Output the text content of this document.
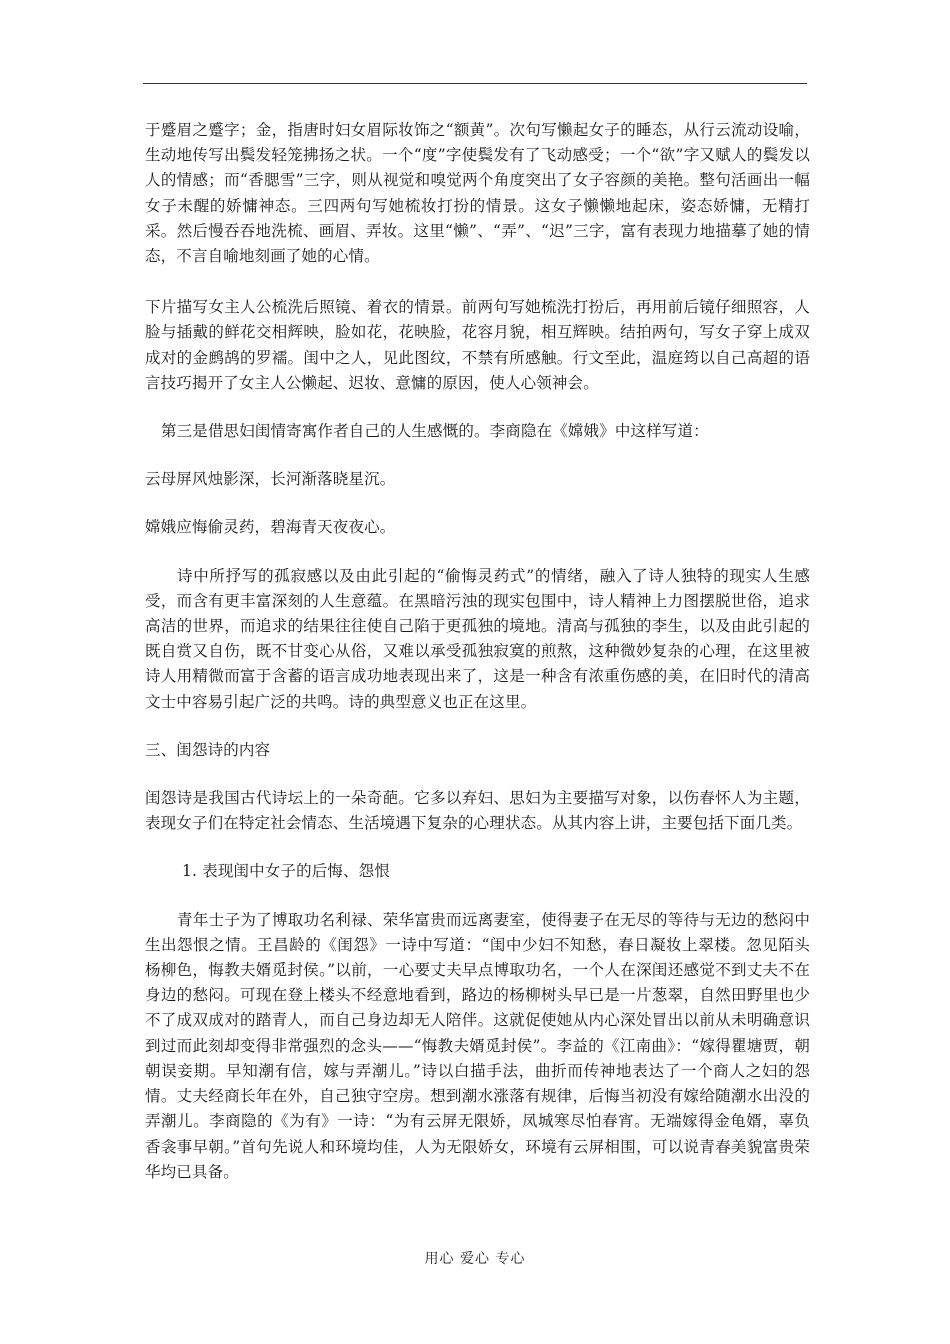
于蹙眉之蹙字；金，指唐时妇女眉际妆饰之“额黄”。次句写懒起女子的睡态，从行云流动设喻，生动地传写出鬓发轻笼拂扬之状。一个“度”字使鬓发有了飞动感受；一个“欲”字又赋人的鬓发以人的情感；而“香腮雪”三字，则从视觉和嗅觉两个角度突出了女子容颜的美艳。整句活画出一幅女子未醒的娇慵神态。三四两句写她梳妆打扮的情景。这女子懒懒地起床，姿态娇慵，无精打采。然后慢吞吞地洗梳、画眉、弄妆。这里“懒”、“弄”、“迟”三字，富有表现力地描摹了她的情态，不言自喻地刻画了她的心情。

下片描写女主人公梳洗后照镜、着衣的情景。前两句写她梳洗打扮后，再用前后镜仔细照容，人脸与插戴的鲜花交相辉映，脸如花，花映脸，花容月貌，相互辉映。结拍两句，写女子穿上成双成对的金鹧鸪的罗襦。闺中之人，见此图纹，不禁有所感触。行文至此，温庭筠以自己高超的语言技巧揭开了女主人公懒起、迟妆、意慵的原因，使人心领神会。

第三是借思妇闺情寄寓作者自己的人生感慨的。李商隐在《嫦娥》中这样写道：

云母屏风烛影深，长河渐落晓星沉。

嫦娥应悔偷灵药，碧海青天夜夜心。

诗中所抒写的孤寂感以及由此引起的“偷悔灵药式”的情绪，融入了诗人独特的现实人生感受，而含有更丰富深刻的人生意蕴。在黑暗污浊的现实包围中，诗人精神上力图摆脱世俗，追求高洁的世界，而追求的结果往往使自己陷于更孤独的境地。清高与孤独的李生，以及由此引起的既自赏又自伤，既不甘变心从俗，又难以承受孤独寂寞的煎熬，这种微妙复杂的心理，在这里被诗人用精微而富于含蓄的语言成功地表现出来了，这是一种含有浓重伤感的美，在旧时代的清高文士中容易引起广泛的共鸣。诗的典型意义也正在这里。

三、闺怨诗的内容

闺怨诗是我国古代诗坛上的一朵奇葩。它多以弃妇、思妇为主要描写对象，以伤春怀人为主题，表现女子们在特定社会情态、生活境遇下复杂的心理状态。从其内容上讲，主要包括下面几类。

1. 表现闺中女子的后悔、怨恨

青年士子为了博取功名利禄、荣华富贵而远离妻室，使得妻子在无尽的等待与无边的愁闷中生出怨恨之情。王昌龄的《闺怨》一诗中写道：“闺中少妇不知愁，春日凝妆上翠楼。忽见陌头杨柳色，悔教夫婿觅封侯。”以前，一心要丈夫早点博取功名，一个人在深闺还感觉不到丈夫不在身边的愁闷。可现在登上楼头不经意地看到，路边的杨柳树头早已是一片葱翠，自然田野里也少不了成双成对的踏青人，而自己身边却无人陪伴。这就促使她从内心深处冒出以前从未明确意识到过而此刻却变得非常强烈的念头——“悔教夫婿觅封侯”。李益的《江南曲》：“嫁得瞿塘贾，朝朝误妾期。早知潮有信，嫁与弄潮儿。”诗以白描手法，曲折而传神地表达了一个商人之妇的怨情。丈夫经商长年在外，自己独守空房。想到潮水涨落有规律，后悔当初没有嫁给随潮水出没的弄潮儿。李商隐的《为有》一诗：“为有云屏无限娇，凤城寒尽怕春宵。无端嫁得金龟婿，辜负香衾事早朝。”首句先说人和环境均佳，人为无限娇女，环境有云屏相围，可以说青春美貌富贵荣华均已具备。

用心 爱心 专心
